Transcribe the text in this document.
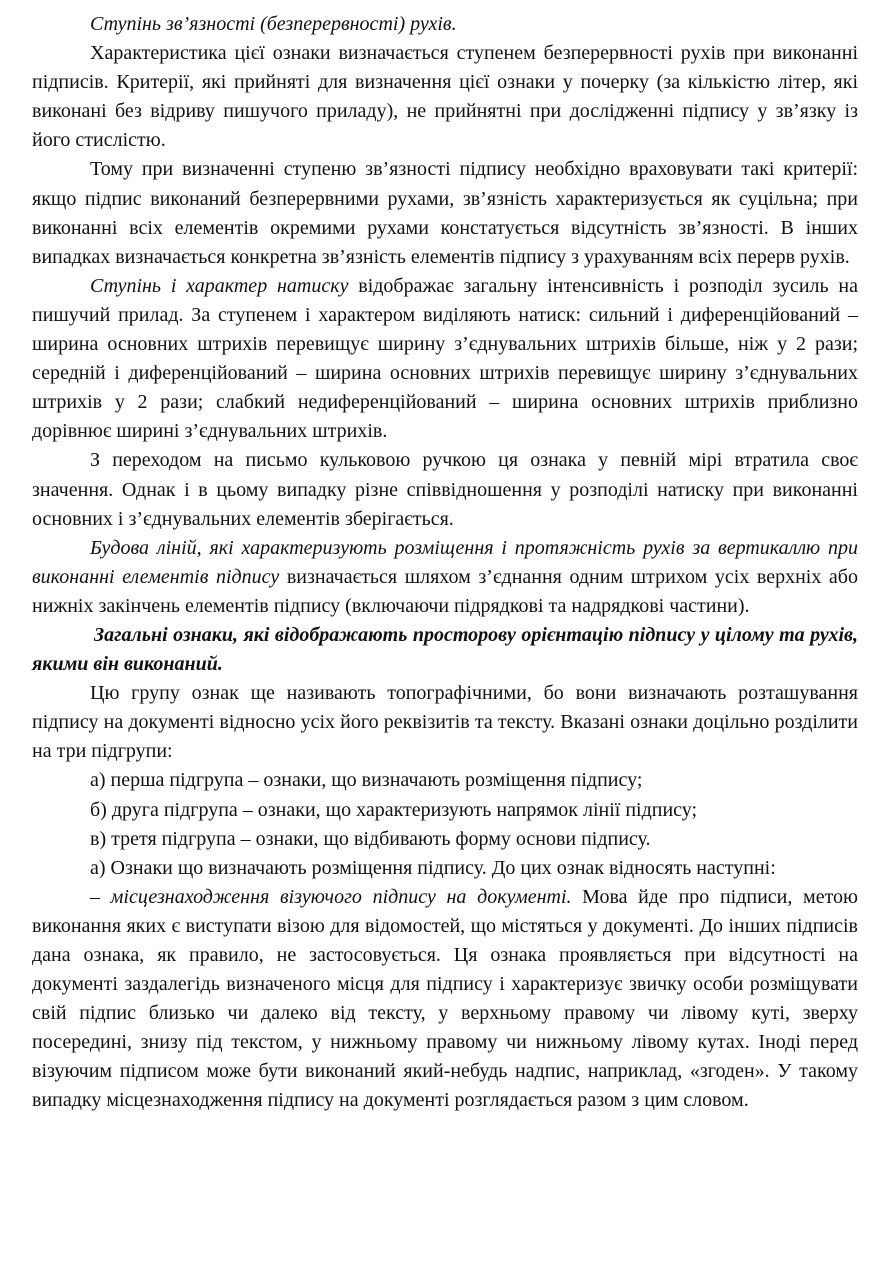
Ступінь зв’язності (безперервності) рухів.

Характеристика цієї ознаки визначається ступенем безперервності рухів при виконанні підписів. Критерії, які прийняті для визначення цієї ознаки у почерку (за кількістю літер, які виконані без відриву пишучого приладу), не прийнятні при дослідженні підпису у зв’язку із його стислістю.

Тому при визначенні ступеню зв’язності підпису необхідно враховувати такі критерії: якщо підпис виконаний безперервними рухами, зв’язність характеризується як суцільна; при виконанні всіх елементів окремими рухами констатується відсутність зв’язності. В інших випадках визначається конкретна зв’язність елементів підпису з урахуванням всіх перерв рухів.

Ступінь і характер натиску відображає загальну інтенсивність і розподіл зусиль на пишучий прилад. За ступенем і характером виділяють натиск: сильний і диференційований – ширина основних штрихів перевищує ширину з’єднувальних штрихів більше, ніж у 2 рази; середній і диференційований – ширина основних штрихів перевищує ширину з’єднувальних штрихів у 2 рази; слабкий недиференційований – ширина основних штрихів приблизно дорівнює ширині з’єднувальних штрихів.

З переходом на письмо кульковою ручкою ця ознака у певній мірі втратила своє значення. Однак і в цьому випадку різне співвідношення у розподілі натиску при виконанні основних і з’єднувальних елементів зберігається.

Будова ліній, які характеризують розміщення і протяжність рухів за вертикаллю при виконанні елементів підпису визначається шляхом з’єднання одним штрихом усіх верхніх або нижніх закінчень елементів підпису (включаючи підрядкові та надрядкові частини).

Загальні ознаки, які відображають просторову орієнтацію підпису у цілому та рухів, якими він виконаний.

Цю групу ознак ще називають топографічними, бо вони визначають розташування підпису на документі відносно усіх його реквізитів та тексту. Вказані ознаки доцільно розділити на три підгрупи:

а) перша підгрупа – ознаки, що визначають розміщення підпису;

б) друга підгрупа – ознаки, що характеризують напрямок лінії підпису;

в) третя підгрупа – ознаки, що відбивають форму основи підпису.

а) Ознаки що визначають розміщення підпису. До цих ознак відносять наступні:

– місцезнаходження візуючого підпису на документі. Мова йде про підписи, метою виконання яких є виступати візою для відомостей, що містяться у документі. До інших підписів дана ознака, як правило, не застосовується. Ця ознака проявляється при відсутності на документі заздалегідь визначеного місця для підпису і характеризує звичку особи розміщувати свій підпис близько чи далеко від тексту, у верхньому правому чи лівому куті, зверху посередині, знизу під текстом, у нижньому правому чи нижньому лівому кутах. Іноді перед візуючим підписом може бути виконаний який-небудь надпис, наприклад, «згоден». У такому випадку місцезнаходження підпису на документі розглядається разом з цим словом.
